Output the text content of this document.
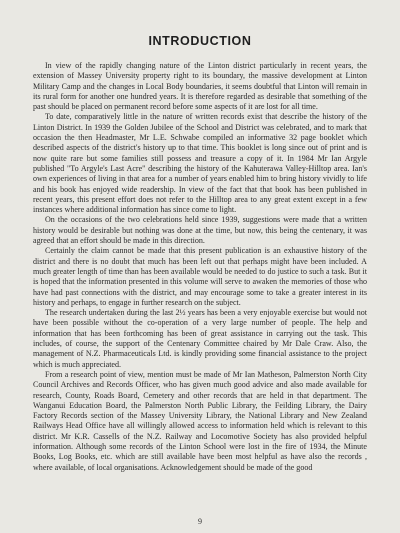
INTRODUCTION

In view of the rapidly changing nature of the Linton district particularly in recent years, the extension of Massey University property right to its boundary, the massive development at Linton Military Camp and the changes in Local Body boundaries, it seems doubtful that Linton will remain in its rural form for another one hundred years. It is therefore regarded as desirable that something of the past should be placed on permanent record before some aspects of it are lost for all time.

To date, comparatively little in the nature of written records exist that describe the history of the Linton District. In 1939 the Golden Jubilee of the School and District was celebrated, and to mark that occasion the then Headmaster, Mr L.E. Schwabe compiled an informative 32 page booklet which described aspects of the district's history up to that time. This booklet is long since out of print and is now quite rare but some families still possess and treasure a copy of it. In 1984 Mr Ian Argyle published "To Argyle's Last Acre" describing the history of the Kahuterawa Valley-Hilltop area. Ian's own experiences of living in that area for a number of years enabled him to bring history vividly to life and his book has enjoyed wide readership. In view of the fact that that book has been published in recent years, this present effort does not refer to the Hilltop area to any great extent except in a few instances where additional information has since come to light.

On the occasions of the two celebrations held since 1939, suggestions were made that a written history would be desirable but nothing was done at the time, but now, this being the centenary, it was agreed that an effort should be made in this direction.

Certainly the claim cannot be made that this present publication is an exhaustive history of the district and there is no doubt that much has been left out that perhaps might have been included. A much greater length of time than has been available would be needed to do justice to such a task. But it is hoped that the information presented in this volume will serve to awaken the memories of those who have had past connections with the district, and may encourage some to take a greater interest in its history and perhaps, to engage in further research on the subject.

The research undertaken during the last 2½ years has been a very enjoyable exercise but would not have been possible without the co-operation of a very large number of people. The help and information that has been forthcoming has been of great assistance in carrying out the task. This includes, of course, the support of the Centenary Committee chaired by Mr Dale Craw. Also, the management of N.Z. Pharmaceuticals Ltd. is kindly providing some financial assistance to the project which is much appreciated.

From a research point of view, mention must be made of Mr Ian Matheson, Palmerston North City Council Archives and Records Officer, who has given much good advice and also made available for research, County, Roads Board, Cemetery and other records that are held in that department. The Wanganui Education Board, the Palmerston North Public Library, the Feilding Library, the Dairy Factory Records section of the Massey University Library, the National Library and New Zealand Railways Head Office have all willingly allowed access to information held which is relevant to this district. Mr K.R. Cassells of the N.Z. Railway and Locomotive Society has also provided helpful information. Although some records of the Linton School were lost in the fire of 1934, the Minute Books, Log Books, etc. which are still available have been most helpful as have also the records , where available, of local organisations. Acknowledgement should be made of the good

9
